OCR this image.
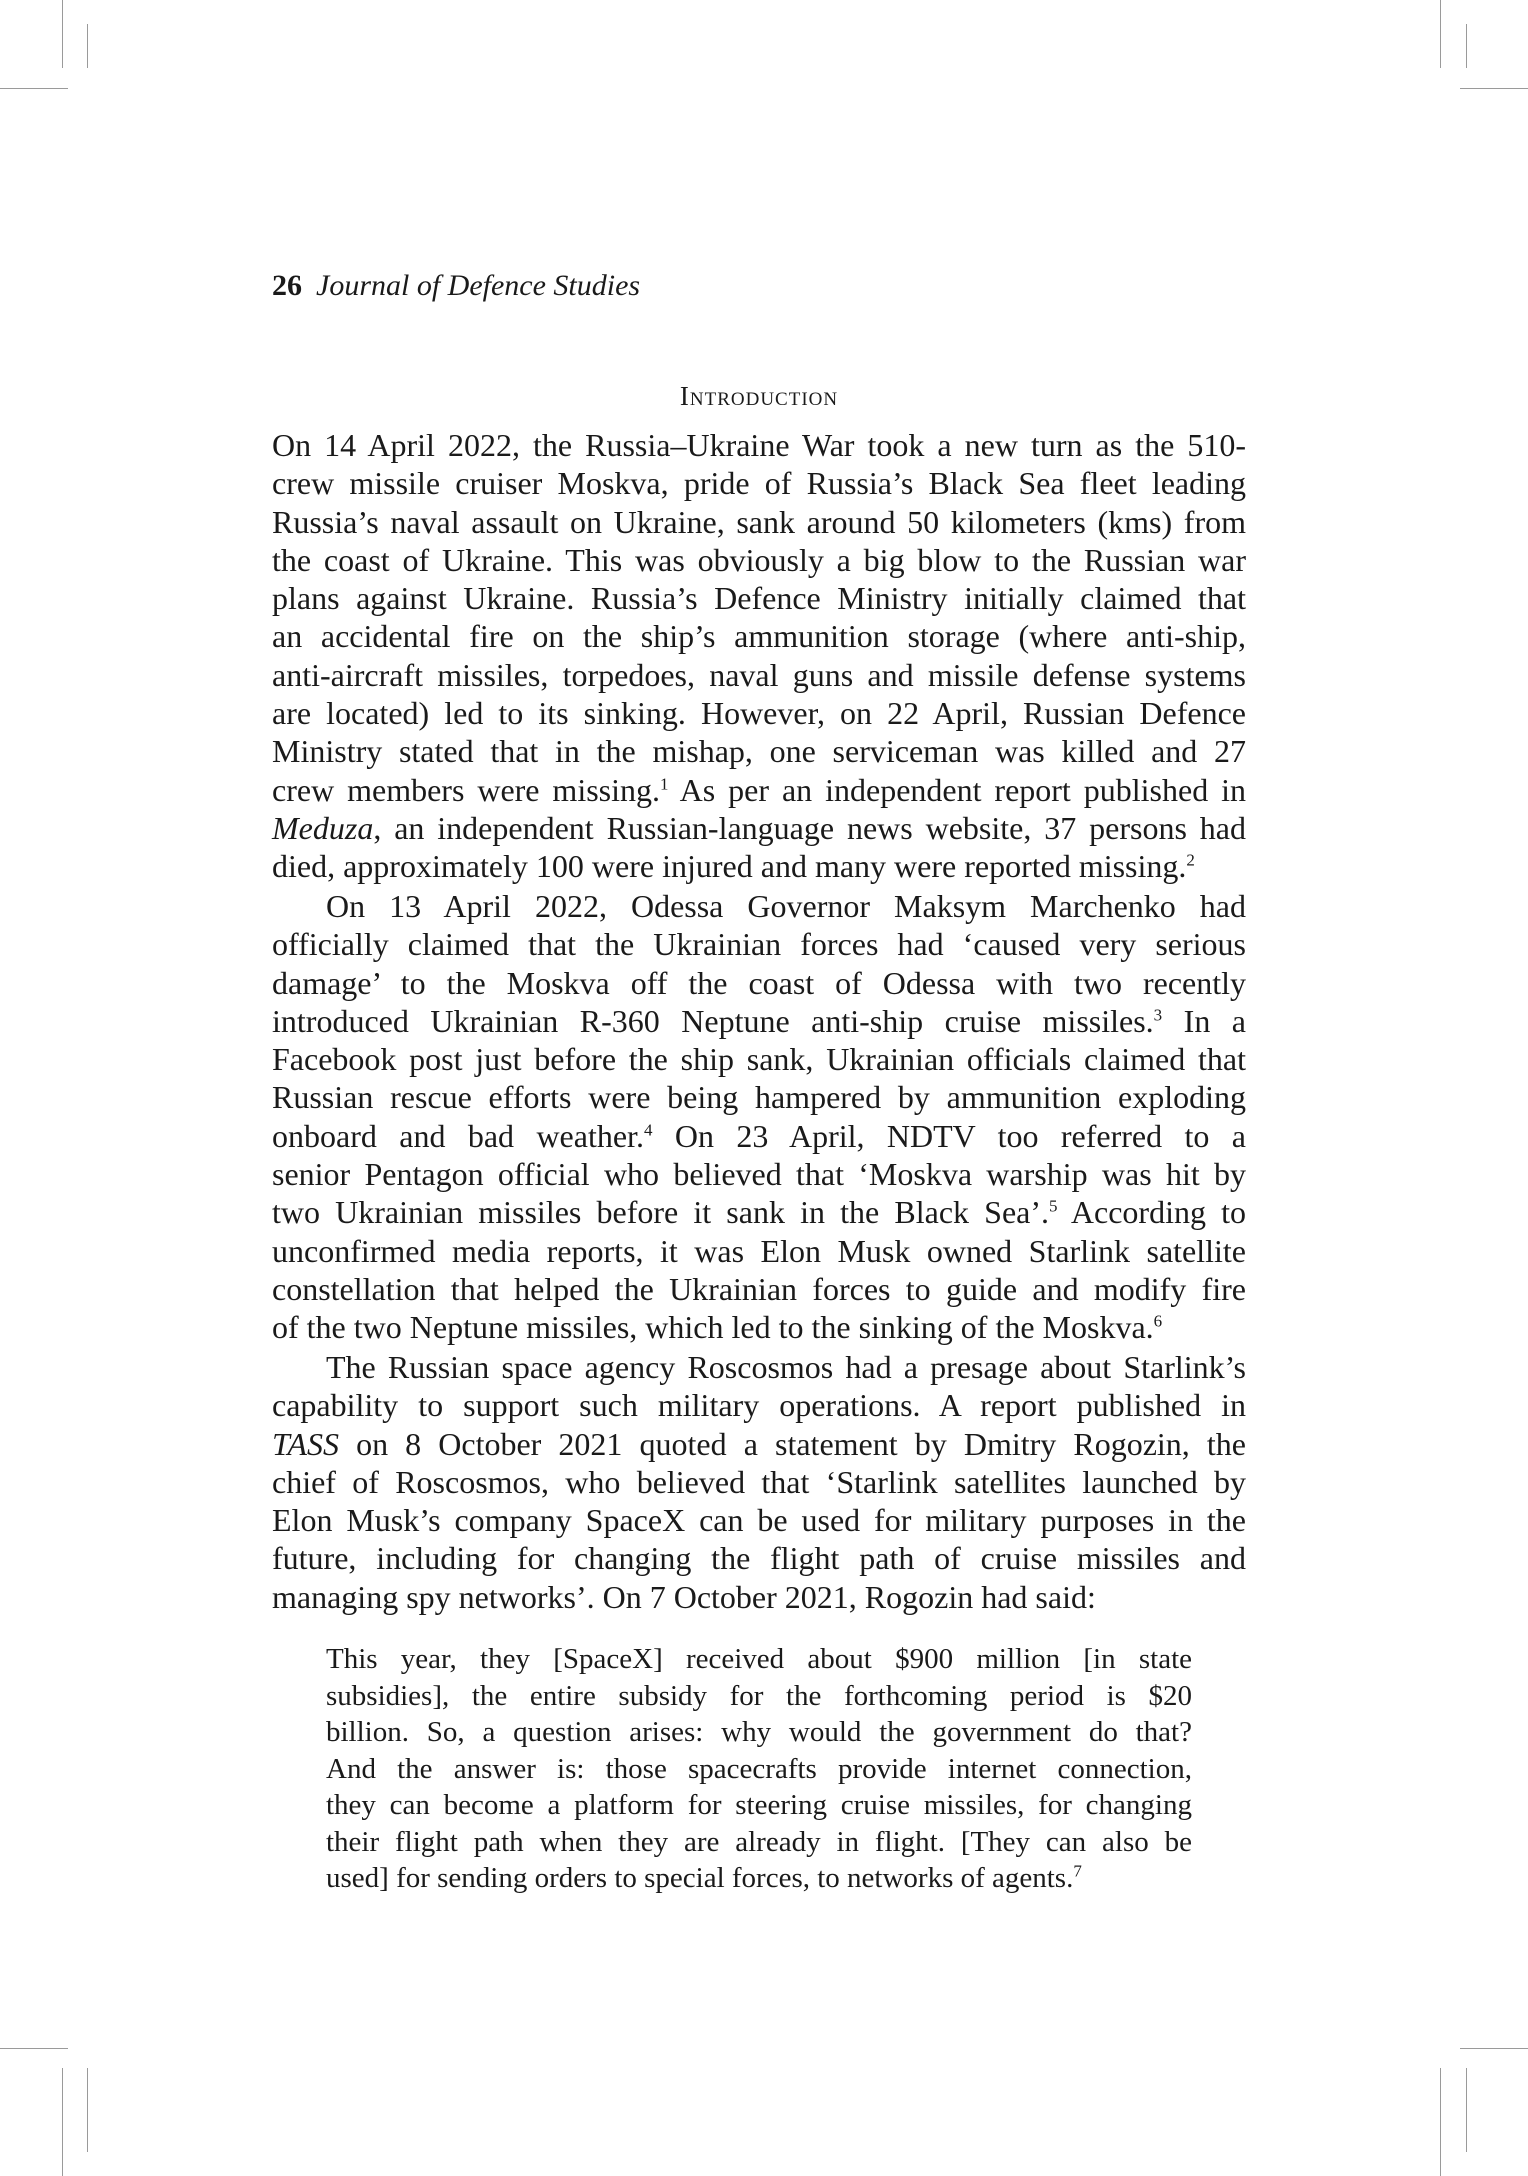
26 Journal of Defence Studies
Introduction
On 14 April 2022, the Russia–Ukraine War took a new turn as the 510-
crew missile cruiser Moskva, pride of Russia’s Black Sea fleet leading
Russia’s naval assault on Ukraine, sank around 50 kilometers (kms) from
the coast of Ukraine. This was obviously a big blow to the Russian war
plans against Ukraine. Russia’s Defence Ministry initially claimed that
an accidental fire on the ship’s ammunition storage (where anti-ship,
anti-aircraft missiles, torpedoes, naval guns and missile defense systems
are located) led to its sinking. However, on 22 April, Russian Defence
Ministry stated that in the mishap, one serviceman was killed and 27
crew members were missing.$^1$ As per an independent report published in
Meduza, an independent Russian-language news website, 37 persons had
died, approximately 100 were injured and many were reported missing.$^2$
On 13 April 2022, Odessa Governor Maksym Marchenko had
officially claimed that the Ukrainian forces had ‘caused very serious
damage’ to the Moskva off the coast of Odessa with two recently
introduced Ukrainian R-360 Neptune anti-ship cruise missiles.$^3$ In a
Facebook post just before the ship sank, Ukrainian officials claimed that
Russian rescue efforts were being hampered by ammunition exploding
onboard and bad weather.$^4$ On 23 April, NDTV too referred to a
senior Pentagon official who believed that ‘Moskva warship was hit by
two Ukrainian missiles before it sank in the Black Sea’.$^5$ According to
unconfirmed media reports, it was Elon Musk owned Starlink satellite
constellation that helped the Ukrainian forces to guide and modify fire
of the two Neptune missiles, which led to the sinking of the Moskva.$^6$
The Russian space agency Roscosmos had a presage about Starlink’s
capability to support such military operations. A report published in
TASS on 8 October 2021 quoted a statement by Dmitry Rogozin, the
chief of Roscosmos, who believed that ‘Starlink satellites launched by
Elon Musk’s company SpaceX can be used for military purposes in the
future, including for changing the flight path of cruise missiles and
managing spy networks’. On 7 October 2021, Rogozin had said:
This year, they [SpaceX] received about $900 million [in state
subsidies], the entire subsidy for the forthcoming period is $20
billion. So, a question arises: why would the government do that?
And the answer is: those spacecrafts provide internet connection,
they can become a platform for steering cruise missiles, for changing
their flight path when they are already in flight. [They can also be
used] for sending orders to special forces, to networks of agents.$^7$
